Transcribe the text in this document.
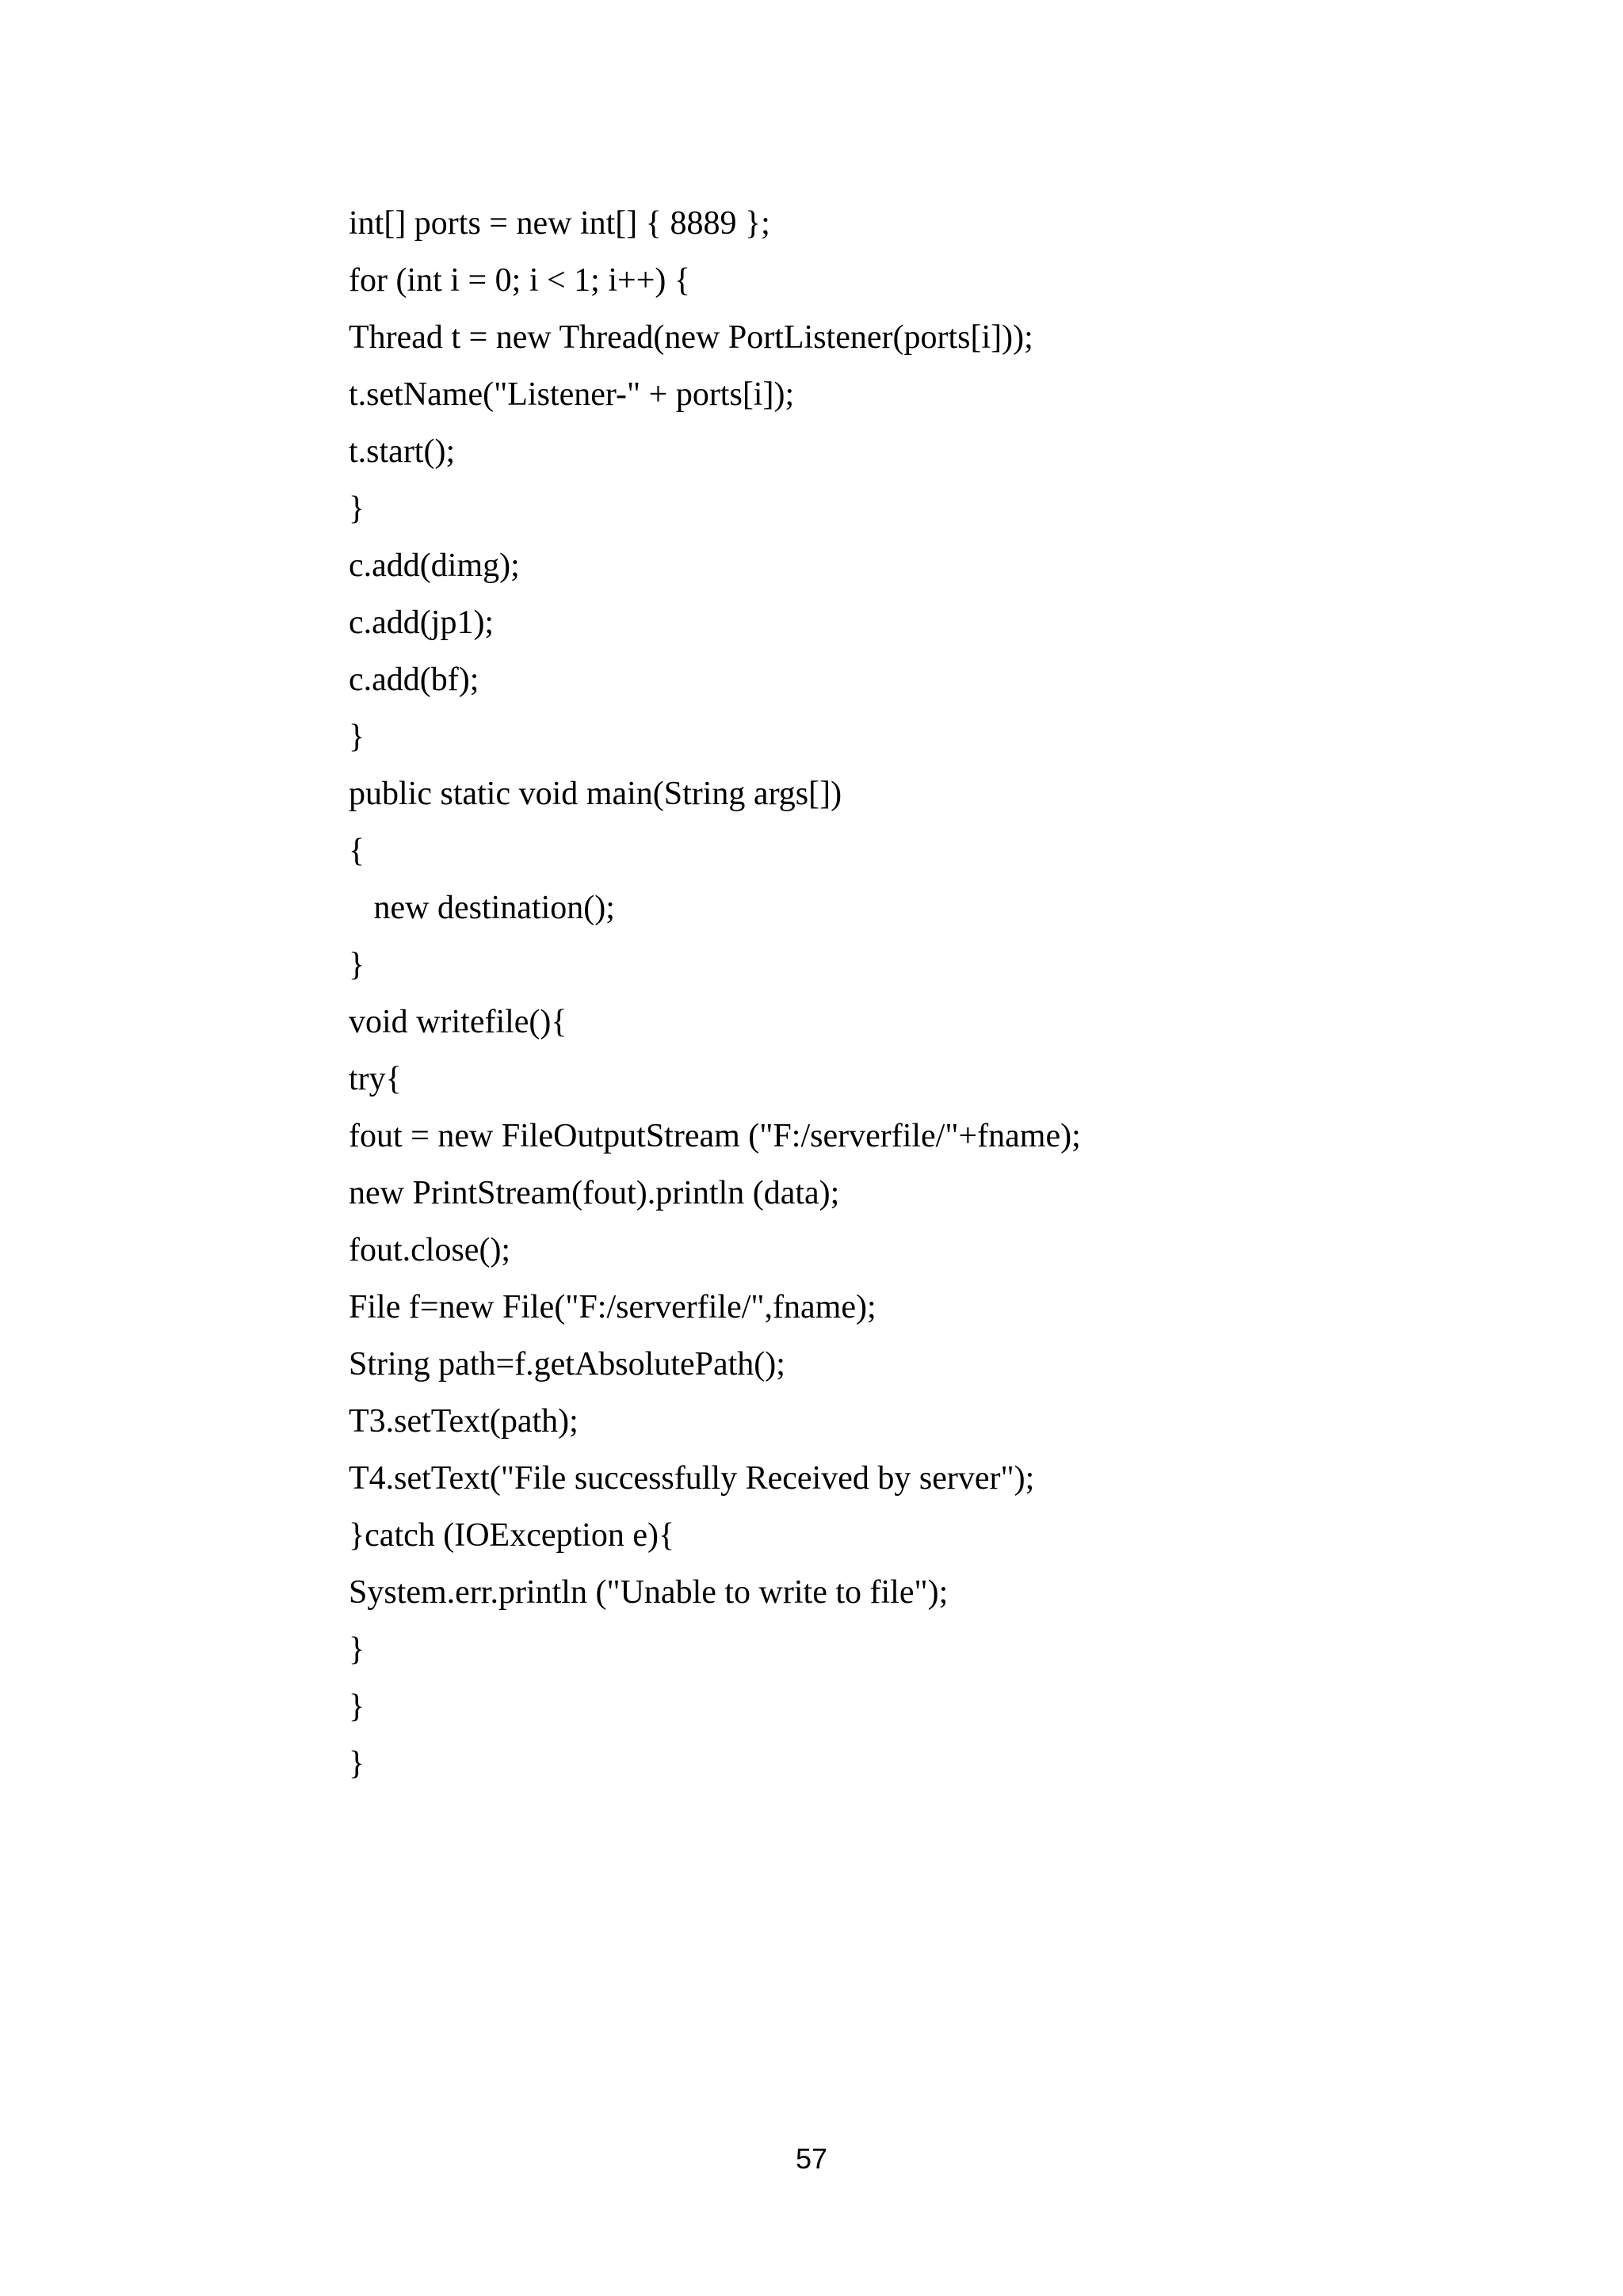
int[] ports = new int[] { 8889 };
for (int i = 0; i < 1; i++) {
Thread t = new Thread(new PortListener(ports[i]));
t.setName("Listener-" + ports[i]);
t.start();
}
c.add(dimg);
c.add(jp1);
c.add(bf);
}
public static void main(String args[])
{
new destination();
}
void writefile(){
try{
fout = new FileOutputStream ("F:/serverfile/"+fname);
new PrintStream(fout).println (data);
fout.close();
File f=new File("F:/serverfile/",fname);
String path=f.getAbsolutePath();
T3.setText(path);
T4.setText("File successfully Received by server");
}catch (IOException e){
System.err.println ("Unable to write to file");
}
}
}
57
